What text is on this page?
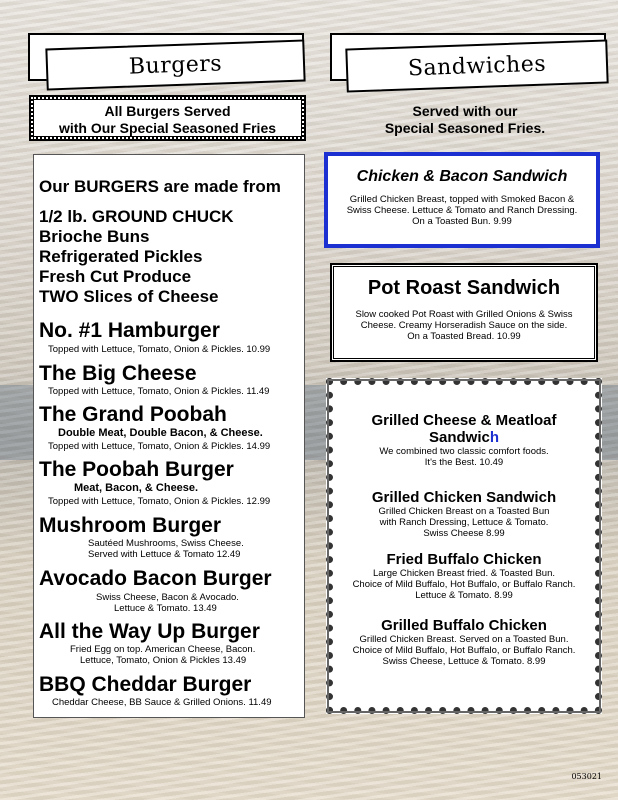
Burgers	Sandwiches
All Burgers Served
with Our Special Seasoned Fries
Served with our
Special Seasoned Fries.
Our BURGERS are made from
1/2 lb. GROUND CHUCK
Brioche Buns
Refrigerated Pickles
Fresh Cut Produce
TWO Slices of Cheese
No. #1 Hamburger
Topped with Lettuce, Tomato, Onion & Pickles. 10.99
The Big Cheese
Topped with Lettuce, Tomato, Onion & Pickles. 11.49
The Grand Poobah
Double Meat, Double Bacon, & Cheese.
Topped with Lettuce, Tomato, Onion & Pickles. 14.99
The Poobah Burger
Meat, Bacon, & Cheese.
Topped with Lettuce, Tomato, Onion & Pickles. 12.99
Mushroom Burger
Sautéed Mushrooms, Swiss Cheese.
Served with Lettuce & Tomato 12.49
Avocado Bacon Burger
Swiss Cheese, Bacon & Avocado.
Lettuce & Tomato. 13.49
All the Way Up Burger
Fried Egg on top. American Cheese, Bacon.
Lettuce, Tomato, Onion & Pickles 13.49
BBQ Cheddar Burger
Cheddar Cheese, BB Sauce & Grilled Onions. 11.49
Chicken & Bacon Sandwich
Grilled Chicken Breast, topped with Smoked Bacon &
Swiss Cheese. Lettuce & Tomato and Ranch Dressing.
On a Toasted Bun. 9.99
Pot Roast Sandwich
Slow cooked Pot Roast with Grilled Onions & Swiss
Cheese. Creamy Horseradish Sauce on the side.
On a Toasted Bread. 10.99
Grilled Cheese & Meatloaf
Sandwich
We combined two classic comfort foods.
It's the Best. 10.49
Grilled Chicken Sandwich
Grilled Chicken Breast on a Toasted Bun
with Ranch Dressing, Lettuce & Tomato.
Swiss Cheese 8.99
Fried Buffalo Chicken
Large Chicken Breast fried. & Toasted Bun.
Choice of Mild Buffalo, Hot Buffalo, or Buffalo Ranch.
Lettuce & Tomato. 8.99
Grilled Buffalo Chicken
Grilled Chicken Breast. Served on a Toasted Bun.
Choice of Mild Buffalo, Hot Buffalo, or Buffalo Ranch.
Swiss Cheese, Lettuce & Tomato. 8.99
053021
